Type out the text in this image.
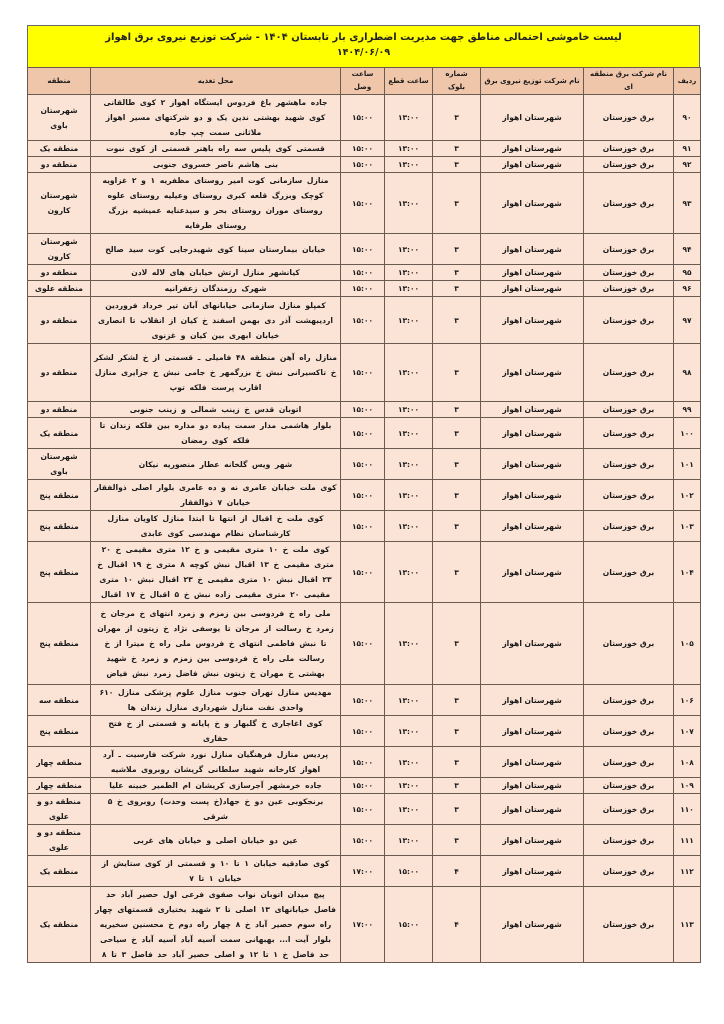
لیست خاموشی احتمالی مناطق جهت مدیریت اضطراری بار تابستان ۱۴۰۴ - شرکت توزیع نیروی برق اهواز
۱۴۰۴/۰۶/۰۹
ردیف	نام شرکت برق منطقه ای	نام شرکت توزیع نیروی برق	شماره بلوک	ساعت قطع	ساعت وصل	محل تغذیه	منطقه
۹۰	برق خوزستان	شهرستان اهواز	۳	۱۳:۰۰	۱۵:۰۰	جاده ماهشهر باغ فردوس ایستگاه اهواز ۲ کوی طالقانی کوی شهید بهشتی ندین یک و دو شرکتهای مسیر اهواز ملاثانی سمت چپ جاده	شهرستان باوی
۹۱	برق خوزستان	شهرستان اهواز	۳	۱۳:۰۰	۱۵:۰۰	قسمتی کوی پلیس سه راه باهنر قسمتی از کوی نبوت	منطقه یک
۹۲	برق خوزستان	شهرستان اهواز	۳	۱۳:۰۰	۱۵:۰۰	بنی هاشم ناصر خسروی جنوبی	منطقه دو
۹۳	برق خوزستان	شهرستان اهواز	۳	۱۳:۰۰	۱۵:۰۰	منازل سازمانی کوت امیر روستای مظفریه ۱ و ۲ غزاویه کوچک وبزرگ قلعه کبری روستای وعیلیه روستای علوه روستای موران روستای بحر و سیدعنایه عمیشیه بزرگ روستای طرفایه	شهرستان کارون
۹۴	برق خوزستان	شهرستان اهواز	۳	۱۳:۰۰	۱۵:۰۰	خیابان بیمارستان سینا کوی شهیدرجایی کوت سید صالح	شهرستان کارون
۹۵	برق خوزستان	شهرستان اهواز	۳	۱۳:۰۰	۱۵:۰۰	کیانشهر منازل ارتش خیابان های لاله لادن	منطقه دو
۹۶	برق خوزستان	شهرستان اهواز	۳	۱۳:۰۰	۱۵:۰۰	شهرک رزمندگان زعفرانیه	منطقه علوی
۹۷	برق خوزستان	شهرستان اهواز	۳	۱۳:۰۰	۱۵:۰۰	کمپلو منازل سازمانی خیابانهای آبان تیر خرداد فروردین اردیبهشت آذر دی بهمن اسفند خ کیان از انقلاب تا انصاری خیابان ابهری بین کیان و غزنوی	منطقه دو
۹۸	برق خوزستان	شهرستان اهواز	۳	۱۳:۰۰	۱۵:۰۰	منازل راه آهن منطقه ۴۸ فامیلی ـ قسمتی از خ لشکر لشکر خ تاکسیرانی نبش خ بزرگمهر خ جامی نبش خ جزایری منازل اقارب پرست فلکه توپ	منطقه دو
۹۹	برق خوزستان	شهرستان اهواز	۳	۱۳:۰۰	۱۵:۰۰	اتوبان قدس خ زینب شمالی و زینب جنوبی	منطقه دو
۱۰۰	برق خوزستان	شهرستان اهواز	۳	۱۳:۰۰	۱۵:۰۰	بلوار هاشمی مدار سمت پیاده دو مداره بین فلکه زندان تا فلکه کوی رمضان	منطقه یک
۱۰۱	برق خوزستان	شهرستان اهواز	۳	۱۳:۰۰	۱۵:۰۰	شهر ویس گلخانه عطار منصوریه نیکان	شهرستان باوی
۱۰۲	برق خوزستان	شهرستان اهواز	۳	۱۳:۰۰	۱۵:۰۰	کوی ملت خیابان عامری نه و ده عامری بلوار اصلی ذوالفقار خیابان ۷ ذوالفقار	منطقه پنج
۱۰۳	برق خوزستان	شهرستان اهواز	۳	۱۳:۰۰	۱۵:۰۰	کوی ملت خ اقبال از انتها تا ابتدا منازل کاویان منازل کارشناسان نظام مهندسی کوی عابدی	منطقه پنج
۱۰۴	برق خوزستان	شهرستان اهواز	۳	۱۳:۰۰	۱۵:۰۰	کوی ملت خ ۱۰ متری مقیمی و خ ۱۲ متری مقیمی خ ۲۰ متری مقیمی خ ۱۳ اقبال نبش کوچه ۸ متری خ ۱۹ اقبال خ ۲۳ اقبال نبش ۱۰ متری مقیمی خ ۲۳ اقبال نبش ۱۰ متری مقیمی ۲۰ متری مقیمی زاده نبش خ ۵ اقبال خ ۱۷ اقبال	منطقه پنج
۱۰۵	برق خوزستان	شهرستان اهواز	۳	۱۳:۰۰	۱۵:۰۰	ملی راه خ فردوسی بین زمزم و زمرد انتهای خ مرجان خ زمرد خ رسالت از مرجان تا یوسفی نژاد خ زیتون از مهران تا نبش فاطمی انتهای خ فردوس ملی راه خ میترا از خ رسالت ملی راه خ فردوسی بین زمزم و زمرد خ شهید بهشتی خ مهران خ زیتون نبش فاضل زمرد نبش فیاض	منطقه پنج
۱۰۶	برق خوزستان	شهرستان اهواز	۳	۱۳:۰۰	۱۵:۰۰	مهدیس منازل تهران جنوب منازل علوم پزشکی منازل ۶۱۰ واحدی نفت منازل شهرداری منازل زندان ها	منطقه سه
۱۰۷	برق خوزستان	شهرستان اهواز	۳	۱۳:۰۰	۱۵:۰۰	کوی اغاجاری خ گلبهار و خ پایانه و قسمتی از خ فتح حفاری	منطقه پنج
۱۰۸	برق خوزستان	شهرستان اهواز	۳	۱۳:۰۰	۱۵:۰۰	پردیس منازل فرهنگیان منازل نورد شرکت فارسیت ـ آرد اهواز کارخانه شهید سلطانی گریشان روبروی ملاشیه	منطقه چهار
۱۰۹	برق خوزستان	شهرستان اهواز	۳	۱۳:۰۰	۱۵:۰۰	جاده خرمشهر آجرسازی کریشان ام الطمیر خبینه علیا	منطقه چهار
۱۱۰	برق خوزستان	شهرستان اهواز	۳	۱۳:۰۰	۱۵:۰۰	برنجکوبی عین دو خ جهاد(خ پست وحدت) روبروی خ ۵ شرقی	منطقه دو و علوی
۱۱۱	برق خوزستان	شهرستان اهواز	۳	۱۳:۰۰	۱۵:۰۰	عین دو خیابان اصلی و خیابان های غربی	منطقه دو و علوی
۱۱۲	برق خوزستان	شهرستان اهواز	۴	۱۵:۰۰	۱۷:۰۰	کوی صادقیه خیابان ۱ تا ۱۰ و قسمتی از کوی ستایش از خیابان ۱ تا ۷	منطقه یک
۱۱۳	برق خوزستان	شهرستان اهواز	۴	۱۵:۰۰	۱۷:۰۰	پیچ میدان اتوبان نواب صفوی فرعی اول حصیر آباد حد فاصل خیابانهای ۱۳ اصلی تا ۲ شهید بختیاری قسمتهای چهار راه سوم حصیر آباد خ ۸ چهار راه دوم خ محسنین سخیریه بلوار آیت ا... بهبهانی سمت آسیه آباد آسیه آباد خ سیاحی حد فاصل خ ۱ تا ۱۲ و اصلی حصیر آباد حد فاصل ۳ تا ۸	منطقه یک
